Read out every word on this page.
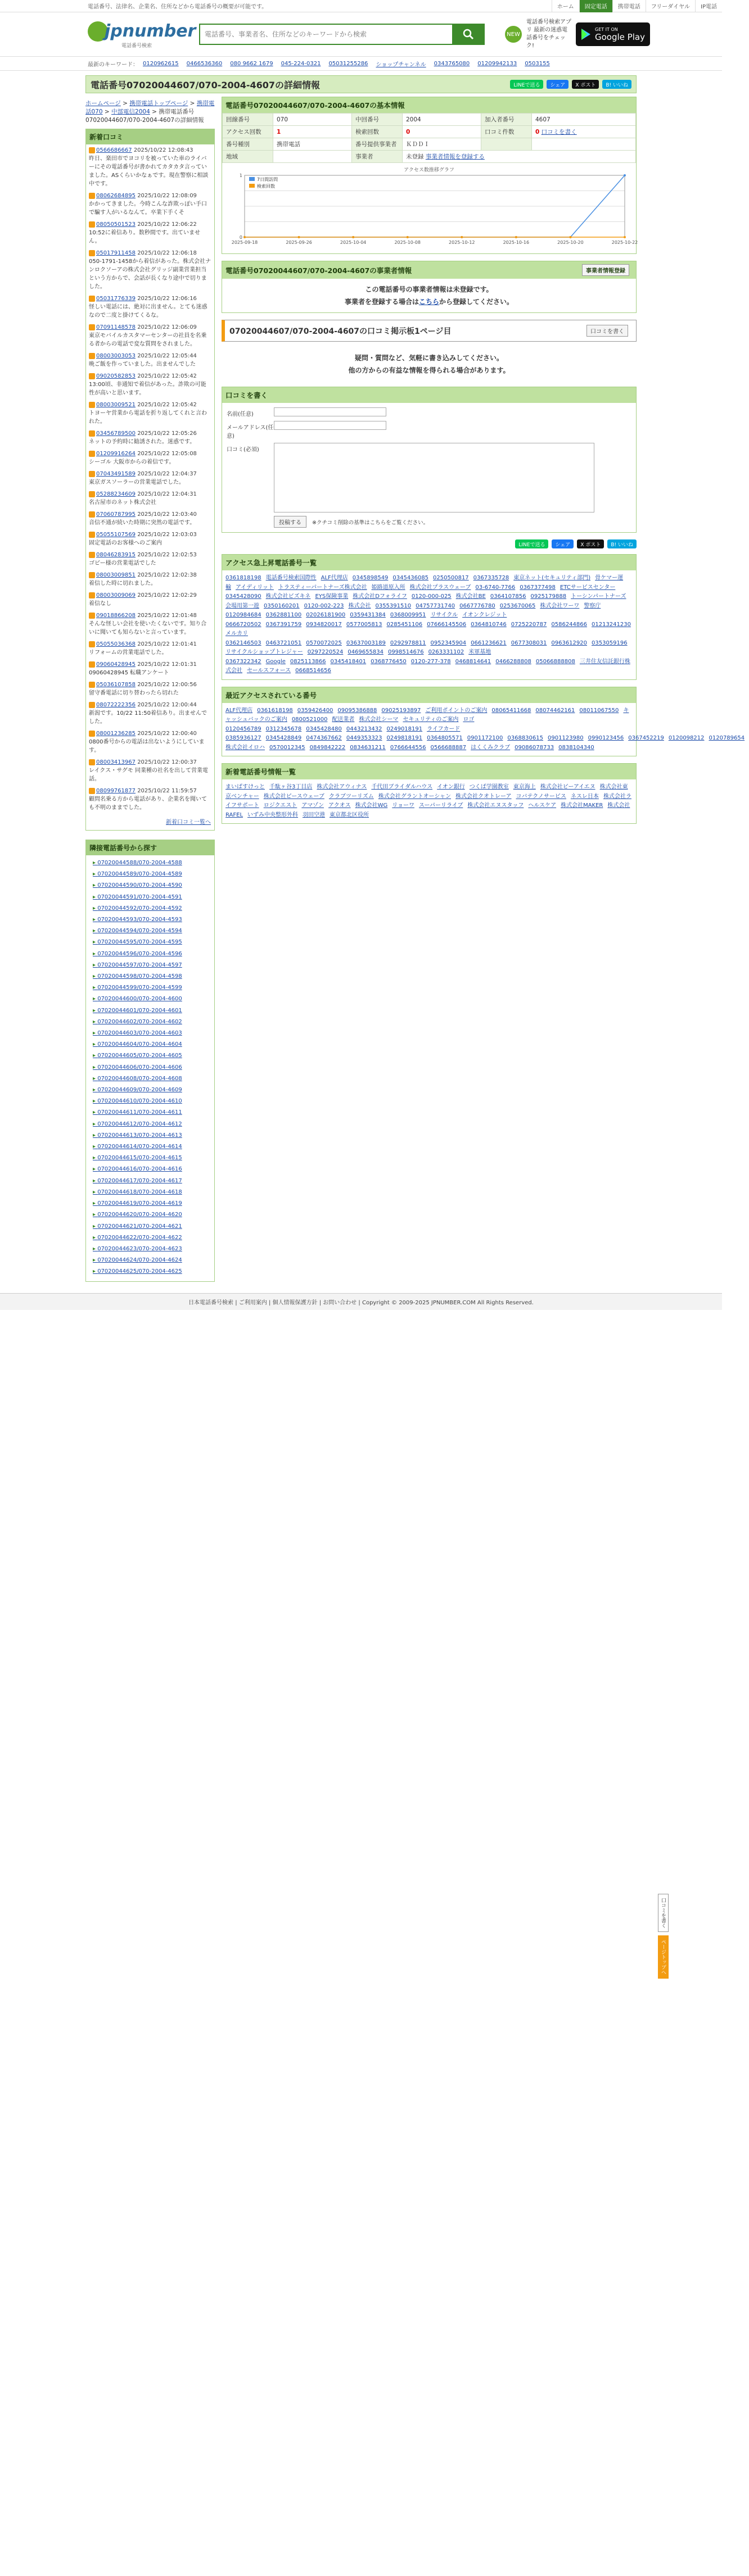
電話番号、法律名、企業名、住所などから電話番号の概要が可能です。	ホーム	固定電話	携帯電話	フリーダイヤル	IP電話
jpnumber
電話番号検索
電話番号、事業者名、住所などのキーワードから検索
NEW
電話番号検索アプリ 最新の迷惑電話番号をチェック!
GET IT ON
Google Play
最新のキーワード： 0120962615 0466536360 080 9662 1679 045-224-0321 05031255286 ショップチャンネル 0343765080 01209942133 0503155
電話番号07020044607/070-2004-4607の詳細情報	LINEで送る	シェア	X ポスト	B! いいね
ホームページ > 携帯電話トップページ > 携帯電話070 > 中部電信2004 > 携帯電話番号07020044607/070-2004-4607の詳細情報
新着口コミ
0566686667 2025/10/22 12:08:43
昨日、楽田市でヨコリを被っていた車のライバーにその電話番号が書かれてカタカタ言っていました。ASくらいかなぁです。現在警察に相談中です。
08062684895 2025/10/22 12:08:09
かかってきました。今時こんな詐欺っぽい手口で騙す人がいるなんて。卒業下手くそ
08050501523 2025/10/22 12:06:22
10:52に着信あり。数秒間です。出ていません。
05017911458 2025/10/22 12:06:18
050-1791-1458から着信があった。株式会社ナンロクソーアの株式会社グリッジ副業営業担当という方からで、会話が長くなり途中で切りました。
05031776339 2025/10/22 12:06:16
怪しい電話には、絶対に出ません。とても迷惑なので二度と掛けてくるな。
07091148578 2025/10/22 12:06:09
東京モバイルカスタマーセンターの社員を名乗る者からの電話で変な質問をされました。
08003003053 2025/10/22 12:05:44
晩ご飯を作っていました。出ませんでした
09020582853 2025/10/22 12:05:42
13:00頃、非通知で着信があった。詐欺の可能性が高いと思います。
08003009521 2025/10/22 12:05:42
トヨーヤ営業から電話を折り返してくれと言われた。
03456789500 2025/10/22 12:05:26
ネットの予約時に勧誘された。迷惑です。
01209916264 2025/10/22 12:05:08
シーゴル 大阪市からの着信です。
07043491589 2025/10/22 12:04:37
東京ガスソーラーの営業電話でした。
05288234609 2025/10/22 12:04:31
名古屋市のネット株式会社
07060787995 2025/10/22 12:03:40
音信不通が続いた時期に突然の電話です。
05055107569 2025/10/22 12:03:03
固定電話のお客様へのご案内
08046283915 2025/10/22 12:02:53
ゴビー様の営業電話でした
08003009851 2025/10/22 12:02:38
着信した時に切れました。
08003009069 2025/10/22 12:02:29
着信なし
09018866208 2025/10/22 12:01:48
そんな怪しい会社を使いたくないです。知り合いに聞いても知らないと言っています。
05055036368 2025/10/22 12:01:41
リフォームの営業電話でした。
09060428945 2025/10/22 12:01:31
09060428945 転職アンケート
05036107858 2025/10/22 12:00:56
留守番電話に切り替わったら切れた
08072222356 2025/10/22 12:00:44
新潟です。10/22 11:50着信あり。出ませんでした。
08001236285 2025/10/22 12:00:40
0800番号からの電話は出ないようにしています。
08003413967 2025/10/22 12:00:37
レイクス・サグモ 同業種の社名を出して営業電話。
08099761877 2025/10/22 11:59:57
顧問名乗る方から電話があり、企業名を聞いても不明のままでした。
新着口コミ一覧へ
隣接電話番号から探す
▸ 07020044588/070-2004-4588
▸ 07020044589/070-2004-4589
▸ 07020044590/070-2004-4590
▸ 07020044591/070-2004-4591
▸ 07020044592/070-2004-4592
▸ 07020044593/070-2004-4593
▸ 07020044594/070-2004-4594
▸ 07020044595/070-2004-4595
▸ 07020044596/070-2004-4596
▸ 07020044597/070-2004-4597
▸ 07020044598/070-2004-4598
▸ 07020044599/070-2004-4599
▸ 07020044600/070-2004-4600
▸ 07020044601/070-2004-4601
▸ 07020044602/070-2004-4602
▸ 07020044603/070-2004-4603
▸ 07020044604/070-2004-4604
▸ 07020044605/070-2004-4605
▸ 07020044606/070-2004-4606
▸ 07020044608/070-2004-4608
▸ 07020044609/070-2004-4609
▸ 07020044610/070-2004-4610
▸ 07020044611/070-2004-4611
▸ 07020044612/070-2004-4612
▸ 07020044613/070-2004-4613
▸ 07020044614/070-2004-4614
▸ 07020044615/070-2004-4615
▸ 07020044616/070-2004-4616
▸ 07020044617/070-2004-4617
▸ 07020044618/070-2004-4618
▸ 07020044619/070-2004-4619
▸ 07020044620/070-2004-4620
▸ 07020044621/070-2004-4621
▸ 07020044622/070-2004-4622
▸ 07020044623/070-2004-4623
▸ 07020044624/070-2004-4624
▸ 07020044625/070-2004-4625
電話番号07020044607/070-2004-4607の基本情報
回線番号	070	中回番号	2004	加入者番号	4607
アクセス回数	1	検索回数	0	口コミ件数	0 口コミを書く
番号種別	携帯電話	番号提供事業者	ＫＤＤＩ		
地域		事業者	未登録 事業者情報を登録する		
アクセス数推移グラフ
2025-09-18	2025-09-26	2025-10-04	2025-10-08	2025-10-12	2025-10-16	2025-10-20	2025-10-22
1
0
7日間訪問
検索回数
電話番号07020044607/070-2004-4607の事業者情報	事業者情報登録
この電話番号の事業者情報は未登録です。
事業者を登録する場合はこちらから登録してください。
07020044607/070-2004-4607の口コミ掲示板1ページ目	口コミを書く
疑問・質問など、気軽に書き込みしてください。
他の方からの有益な情報を得られる場合があります。
口コミを書く
名前(任意)
メールアドレス(任意)
口コミ(必須)
投稿する	※クチコミ削除の基準はこちらをご覧ください。
LINEで送る	シェア	X ポスト	B! いいね
アクセス急上昇電話番号一覧
0361818198 電話番号検索国際性 ALF代理店 0345898549 0345436085 0250500817 0367335728 東京ネット(セキュリティ部門) 骨ケマー運輸 アイディリット トラスティーパートナーズ株式会社 姫路道原入所 株式会社プラスウェーブ 03-6740-7766 0367377498 ETCサービスセンター0345428090 株式会社ビズキネ EYS保険事業 株式会社Dフォライフ 0120-000-025 株式会社BE 0364107856 0925179888 トーシンパートナーズ会場用第一遊 0350160201 0120-002-223 株式会社 0355391510 04757731740 0667776780 0253670065 株式会社ワーワ 警察庁0120984684 0362881100 02026181900 0359431384 0368009951 リサイクル イオンクレジット0666720502 0367391759 0934820017 0577005813 0285451106 07666145506 0364810746 0725220787 0586244866 01213241230メルカリ0362146503 0463721051 0570072025 03637003189 0292978811 0952345904 0661236621 0677308031 0963612920 0353059196リサイクルショップトレジャー 0297220524 0469655834 0998514676 0263331102 米軍基地0367322342 Google 0825113866 0345418401 0368776450 0120-277-378 0468814641 0466288808 05066888808 三井住友信託銀行株式会社 セールスフォース 0668514656
最近アクセスされている番号
ALF代理店 0361618198 0359426400 09095386888 09025193897 ご利用ポイントのご案内 08065411668 08074462161 08011067550 キャッシュバックのご案内 0800521000 配送業者 株式会社シーマ セキュリティのご案内 ロゴ0120456789 0312345678 0345428480 0443213432 0249018191 ライフカード0385936127 0345428849 0474367662 0449353323 0249818191 0364805571 0901172100 0368830615 0901123980 0990123456 0367452219 0120098212 0120789654株式会社イロハ 0570012345 0849842222 0834631211 0766644556 0566688887 はくくみクラブ 09086078733 0838104340
新着電話番号情報一覧
まいばすけっと 千駄ヶ谷3丁目店 株式会社アウィナス 千代田ブライダルハウス イオン銀行 つくば学園教室 東京海上 株式会社ビーアイエヌ 株式会社東京ベンチャー 株式会社ピースウェーブ クラブツーリズム 株式会社グラントオーシャン 株式会社クオトレーア コバテクノサービス ネスレ日本 株式会社ライフサポート ロジクエスト アマゾン アクオス 株式会社WG リョーワ スーパーリライブ 株式会社エヌスタッフ ヘルスケア 株式会社MAKER 株式会社RAFEL いずみ中央整形外科 羽田空港 東京都北区役所
口コミを書く
ページトップへ
日本電話番号検索 | ご利用案内 | 個人情報保護方針 | お問い合わせ | Copyright © 2009-2025 JPNUMBER.COM All Rights Reserved.
